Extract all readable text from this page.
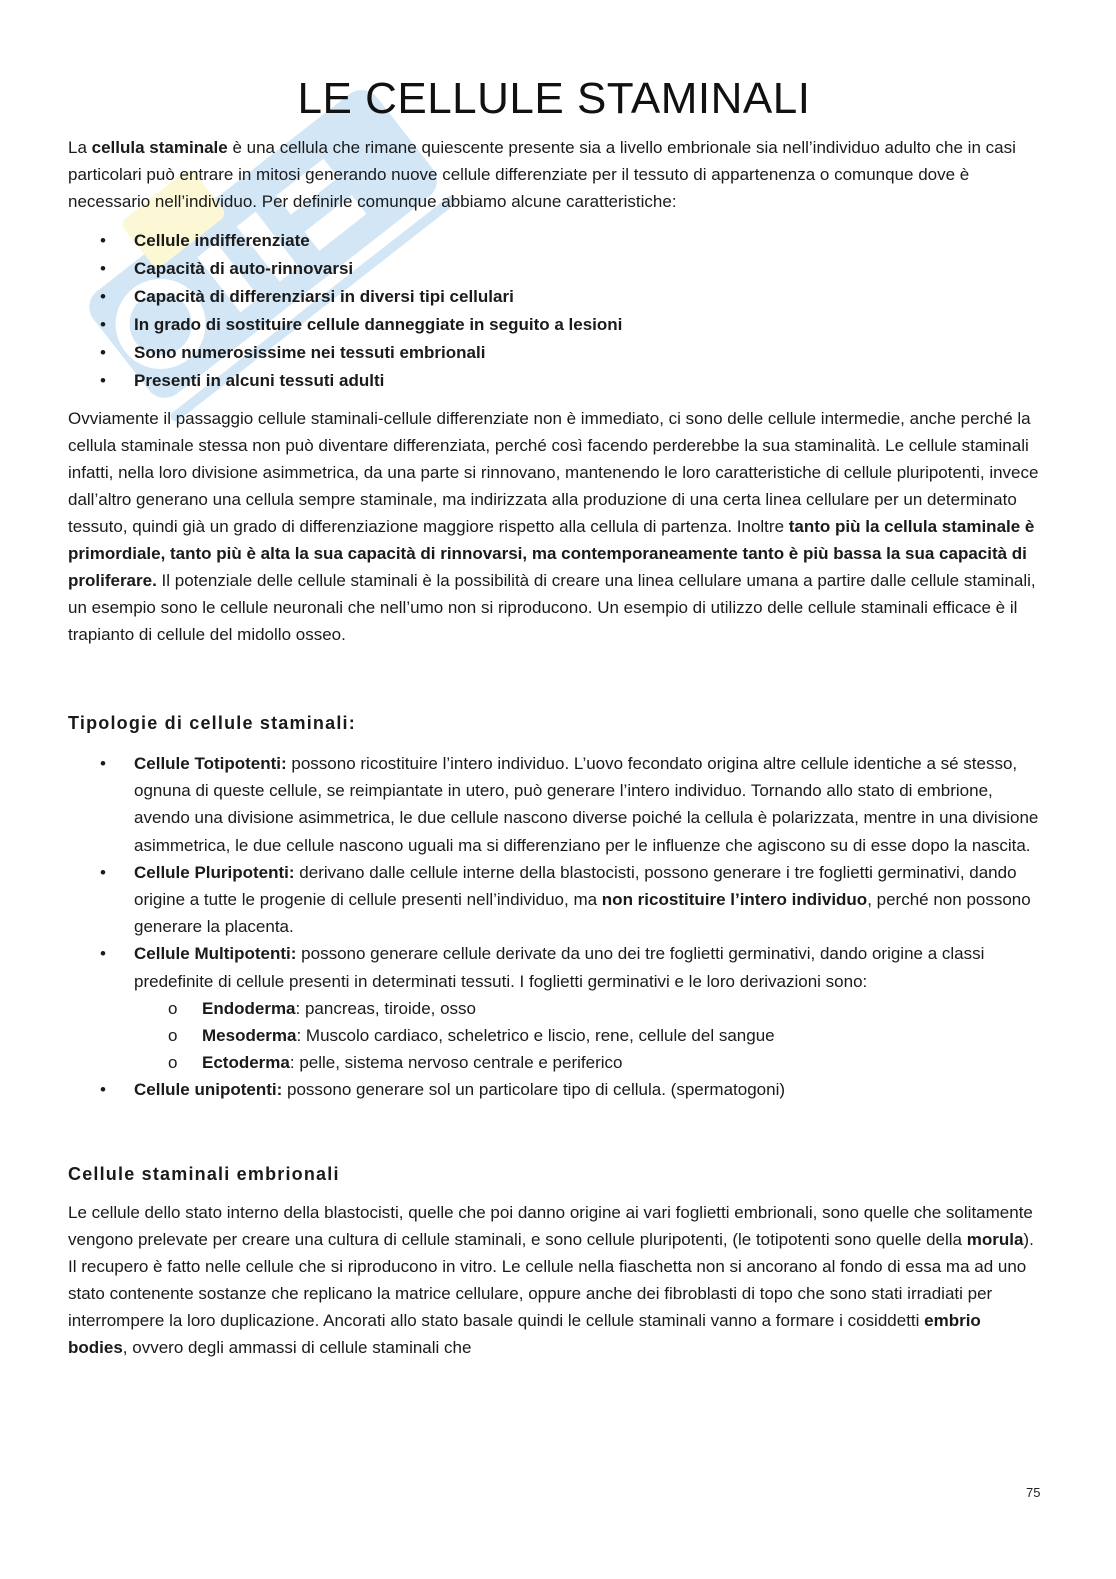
LE CELLULE STAMINALI

La cellula staminale è una cellula che rimane quiescente presente sia a livello embrionale sia nell’individuo adulto che in casi particolari può entrare in mitosi generando nuove cellule differenziate per il tessuto di appartenenza o comunque dove è necessario nell’individuo. Per definirle comunque abbiamo alcune caratteristiche:

• Cellule indifferenziate
• Capacità di auto-rinnovarsi
• Capacità di differenziarsi in diversi tipi cellulari
• In grado di sostituire cellule danneggiate in seguito a lesioni
• Sono numerosissime nei tessuti embrionali
• Presenti in alcuni tessuti adulti

Ovviamente il passaggio cellule staminali-cellule differenziate non è immediato, ci sono delle cellule intermedie, anche perché la cellula staminale stessa non può diventare differenziata, perché così facendo perderebbe la sua staminalità. Le cellule staminali infatti, nella loro divisione asimmetrica, da una parte si rinnovano, mantenendo le loro caratteristiche di cellule pluripotenti, invece dall’altro generano una cellula sempre staminale, ma indirizzata alla produzione di una certa linea cellulare per un determinato tessuto, quindi già un grado di differenziazione maggiore rispetto alla cellula di partenza. Inoltre tanto più la cellula staminale è primordiale, tanto più è alta la sua capacità di rinnovarsi, ma contemporaneamente tanto è più bassa la sua capacità di proliferare. Il potenziale delle cellule staminali è la possibilità di creare una linea cellulare umana a partire dalle cellule staminali, un esempio sono le cellule neuronali che nell’umo non si riproducono. Un esempio di utilizzo delle cellule staminali efficace è il trapianto di cellule del midollo osseo.

Tipologie di cellule staminali:
• Cellule Totipotenti: possono ricostituire l’intero individuo. L’uovo fecondato origina altre cellule identiche a sé stesso, ognuna di queste cellule, se reimpiantate in utero, può generare l’intero individuo. Tornando allo stato di embrione, avendo una divisione asimmetrica, le due cellule nascono diverse poiché la cellula è polarizzata, mentre in una divisione asimmetrica, le due cellule nascono uguali ma si differenziano per le influenze che agiscono su di esse dopo la nascita.
• Cellule Pluripotenti: derivano dalle cellule interne della blastocisti, possono generare i tre foglietti germinativi, dando origine a tutte le progenie di cellule presenti nell’individuo, ma non ricostituire l’intero individuo, perché non possono generare la placenta.
• Cellule Multipotenti: possono generare cellule derivate da uno dei tre foglietti germinativi, dando origine a classi predefinite di cellule presenti in determinati tessuti. I foglietti germinativi e le loro derivazioni sono:
o Endoderma: pancreas, tiroide, osso
o Mesoderma: Muscolo cardiaco, scheletrico e liscio, rene, cellule del sangue
o Ectoderma: pelle, sistema nervoso centrale e periferico
• Cellule unipotenti: possono generare sol un particolare tipo di cellula. (spermatogoni)
Cellule staminali embrionali

Le cellule dello stato interno della blastocisti, quelle che poi danno origine ai vari foglietti embrionali, sono quelle che solitamente vengono prelevate per creare una cultura di cellule staminali, e sono cellule pluripotenti, (le totipotenti sono quelle della morula). Il recupero è fatto nelle cellule che si riproducono in vitro. Le cellule nella fiaschetta non si ancorano al fondo di essa ma ad uno stato contenente sostanze che replicano la matrice cellulare, oppure anche dei fibroblasti di topo che sono stati irradiati per interrompere la loro duplicazione. Ancorati allo stato basale quindi le cellule staminali vanno a formare i cosiddetti embrio bodies, ovvero degli ammassi di cellule staminali che

75
